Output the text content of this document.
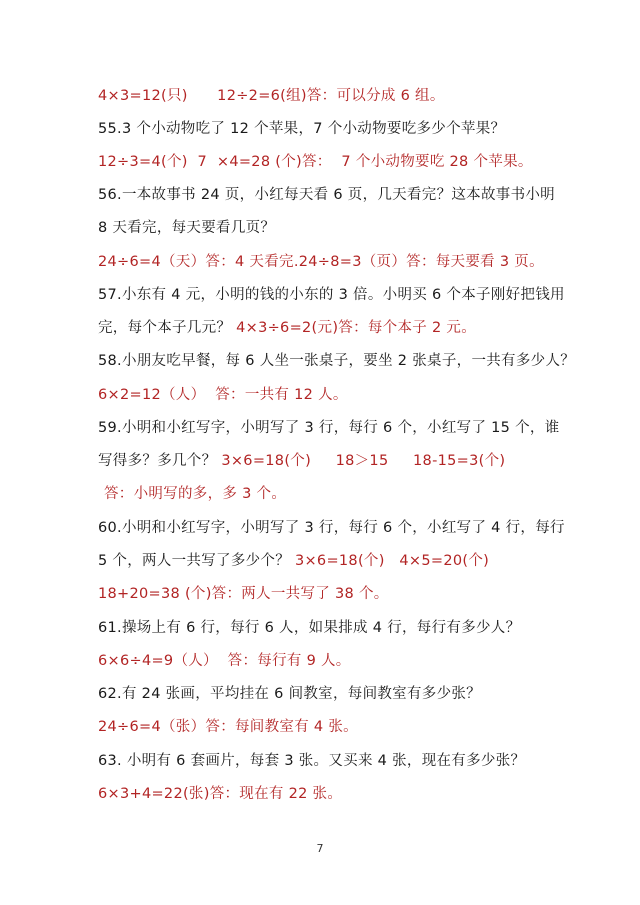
4×3=12(只)      12÷2=6(组)答：可以分成 6 组。
55.3 个小动物吃了 12 个苹果，7 个小动物要吃多少个苹果？
12÷3=4(个)  7  ×4=28 (个)答：  7 个小动物要吃 28 个苹果。
56.一本故事书 24 页，小红每天看 6 页，几天看完？这本故事书小明
8 天看完，每天要看几页？
24÷6=4（天）答：4 天看完.24÷8=3（页）答：每天要看 3 页。
57.小东有 4 元，小明的钱的小东的 3 倍。小明买 6 个本子刚好把钱用
完，每个本子几元？ 4×3÷6=2(元)答：每个本子 2 元。
58.小朋友吃早餐，每 6 人坐一张桌子，要坐 2 张桌子，一共有多少人？
6×2=12（人）  答：一共有 12 人。
59.小明和小红写字，小明写了 3 行，每行 6 个，小红写了 15 个，谁
写得多？多几个？ 3×6=18(个)     18＞15     18-15=3(个)
答：小明写的多，多 3 个。
60.小明和小红写字，小明写了 3 行，每行 6 个，小红写了 4 行，每行
5 个，两人一共写了多少个？ 3×6=18(个)   4×5=20(个)
18+20=38 (个)答：两人一共写了 38 个。
61.操场上有 6 行，每行 6 人，如果排成 4 行，每行有多少人？
6×6÷4=9（人）  答：每行有 9 人。
62.有 24 张画，平均挂在 6 间教室，每间教室有多少张？
24÷6=4（张）答：每间教室有 4 张。
63. 小明有 6 套画片，每套 3 张。又买来 4 张，现在有多少张？
6×3+4=22(张)答：现在有 22 张。
7
